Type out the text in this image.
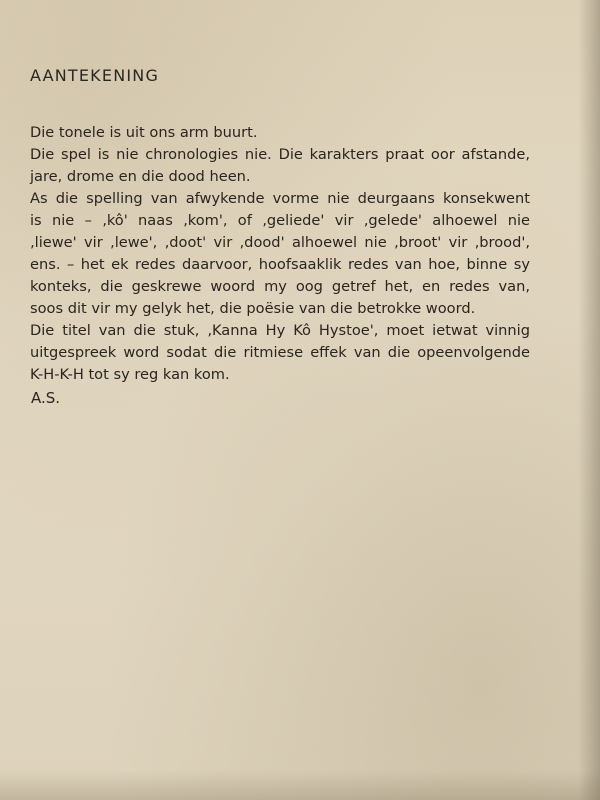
AANTEKENING
Die tonele is uit ons arm buurt.
Die spel is nie chronologies nie. Die karakters praat oor afstande,
jare, drome en die dood heen.
As die spelling van afwykende vorme nie deurgaans konsekwent
is nie – ‚kô' naas ‚kom', of ‚geliede' vir ‚gelede' alhoewel nie
‚liewe' vir ‚lewe', ‚doot' vir ‚dood' alhoewel nie ‚broot' vir ‚brood',
ens. – het ek redes daarvoor, hoofsaaklik redes van hoe, binne sy
konteks, die geskrewe woord my oog getref het, en redes van,
soos dit vir my gelyk het, die poësie van die betrokke woord.
Die titel van die stuk, ‚Kanna Hy Kô Hystoe', moet ietwat vinnig
uitgespreek word sodat die ritmiese effek van die opeenvolgende
K-H-K-H tot sy reg kan kom.

A.S.
